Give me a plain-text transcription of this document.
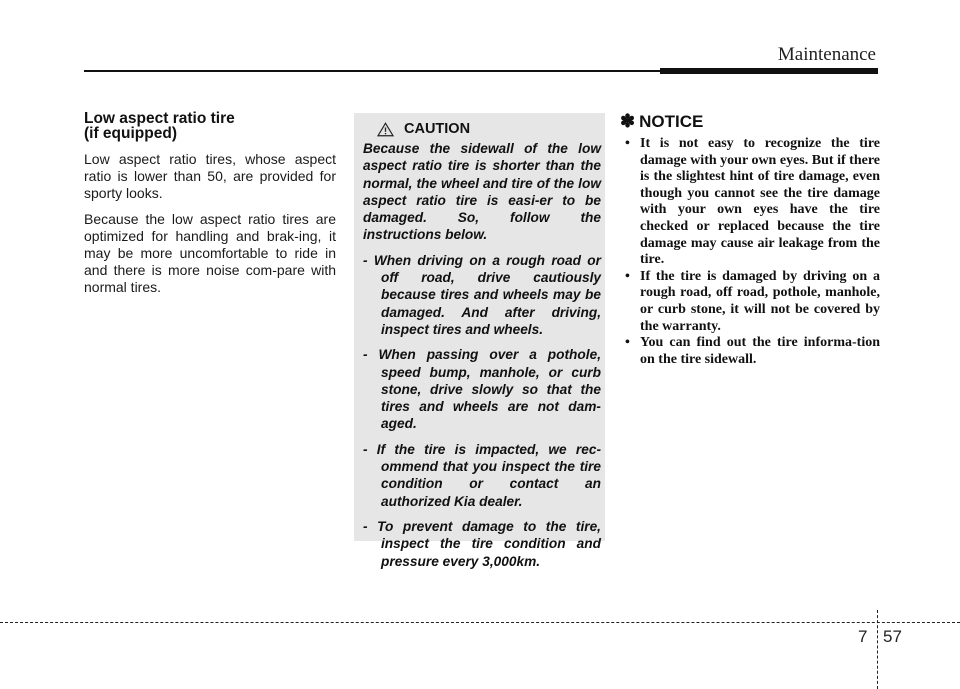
Maintenance
Low aspect ratio tire
(if equipped)

Low aspect ratio tires, whose aspect ratio is lower than 50, are provided for sporty looks.

Because the low aspect ratio tires are optimized for handling and brak-ing, it may be more uncomfortable to ride in and there is more noise com-pare with normal tires.

CAUTION

Because the sidewall of the low aspect ratio tire is shorter than the normal, the wheel and tire of the low aspect ratio tire is easi-er to be damaged. So, follow the instructions below.

- When driving on a rough road or off road, drive cautiously because tires and wheels may be damaged. And after driving, inspect tires and wheels.

- When passing over a pothole, speed bump, manhole, or curb stone, drive slowly so that the tires and wheels are not dam-aged.

- If the tire is impacted, we rec-ommend that you inspect the tire condition or contact an authorized Kia dealer.

- To prevent damage to the tire, inspect the tire condition and pressure every 3,000km.

✽ NOTICE
• It is not easy to recognize the tire damage with your own eyes. But if there is the slightest hint of tire damage, even though you cannot see the tire damage with your own eyes have the tire checked or replaced because the tire damage may cause air leakage from the tire.
• If the tire is damaged by driving on a rough road, off road, pothole, manhole, or curb stone, it will not be covered by the warranty.
• You can find out the tire informa-tion on the tire sidewall.
7 57
